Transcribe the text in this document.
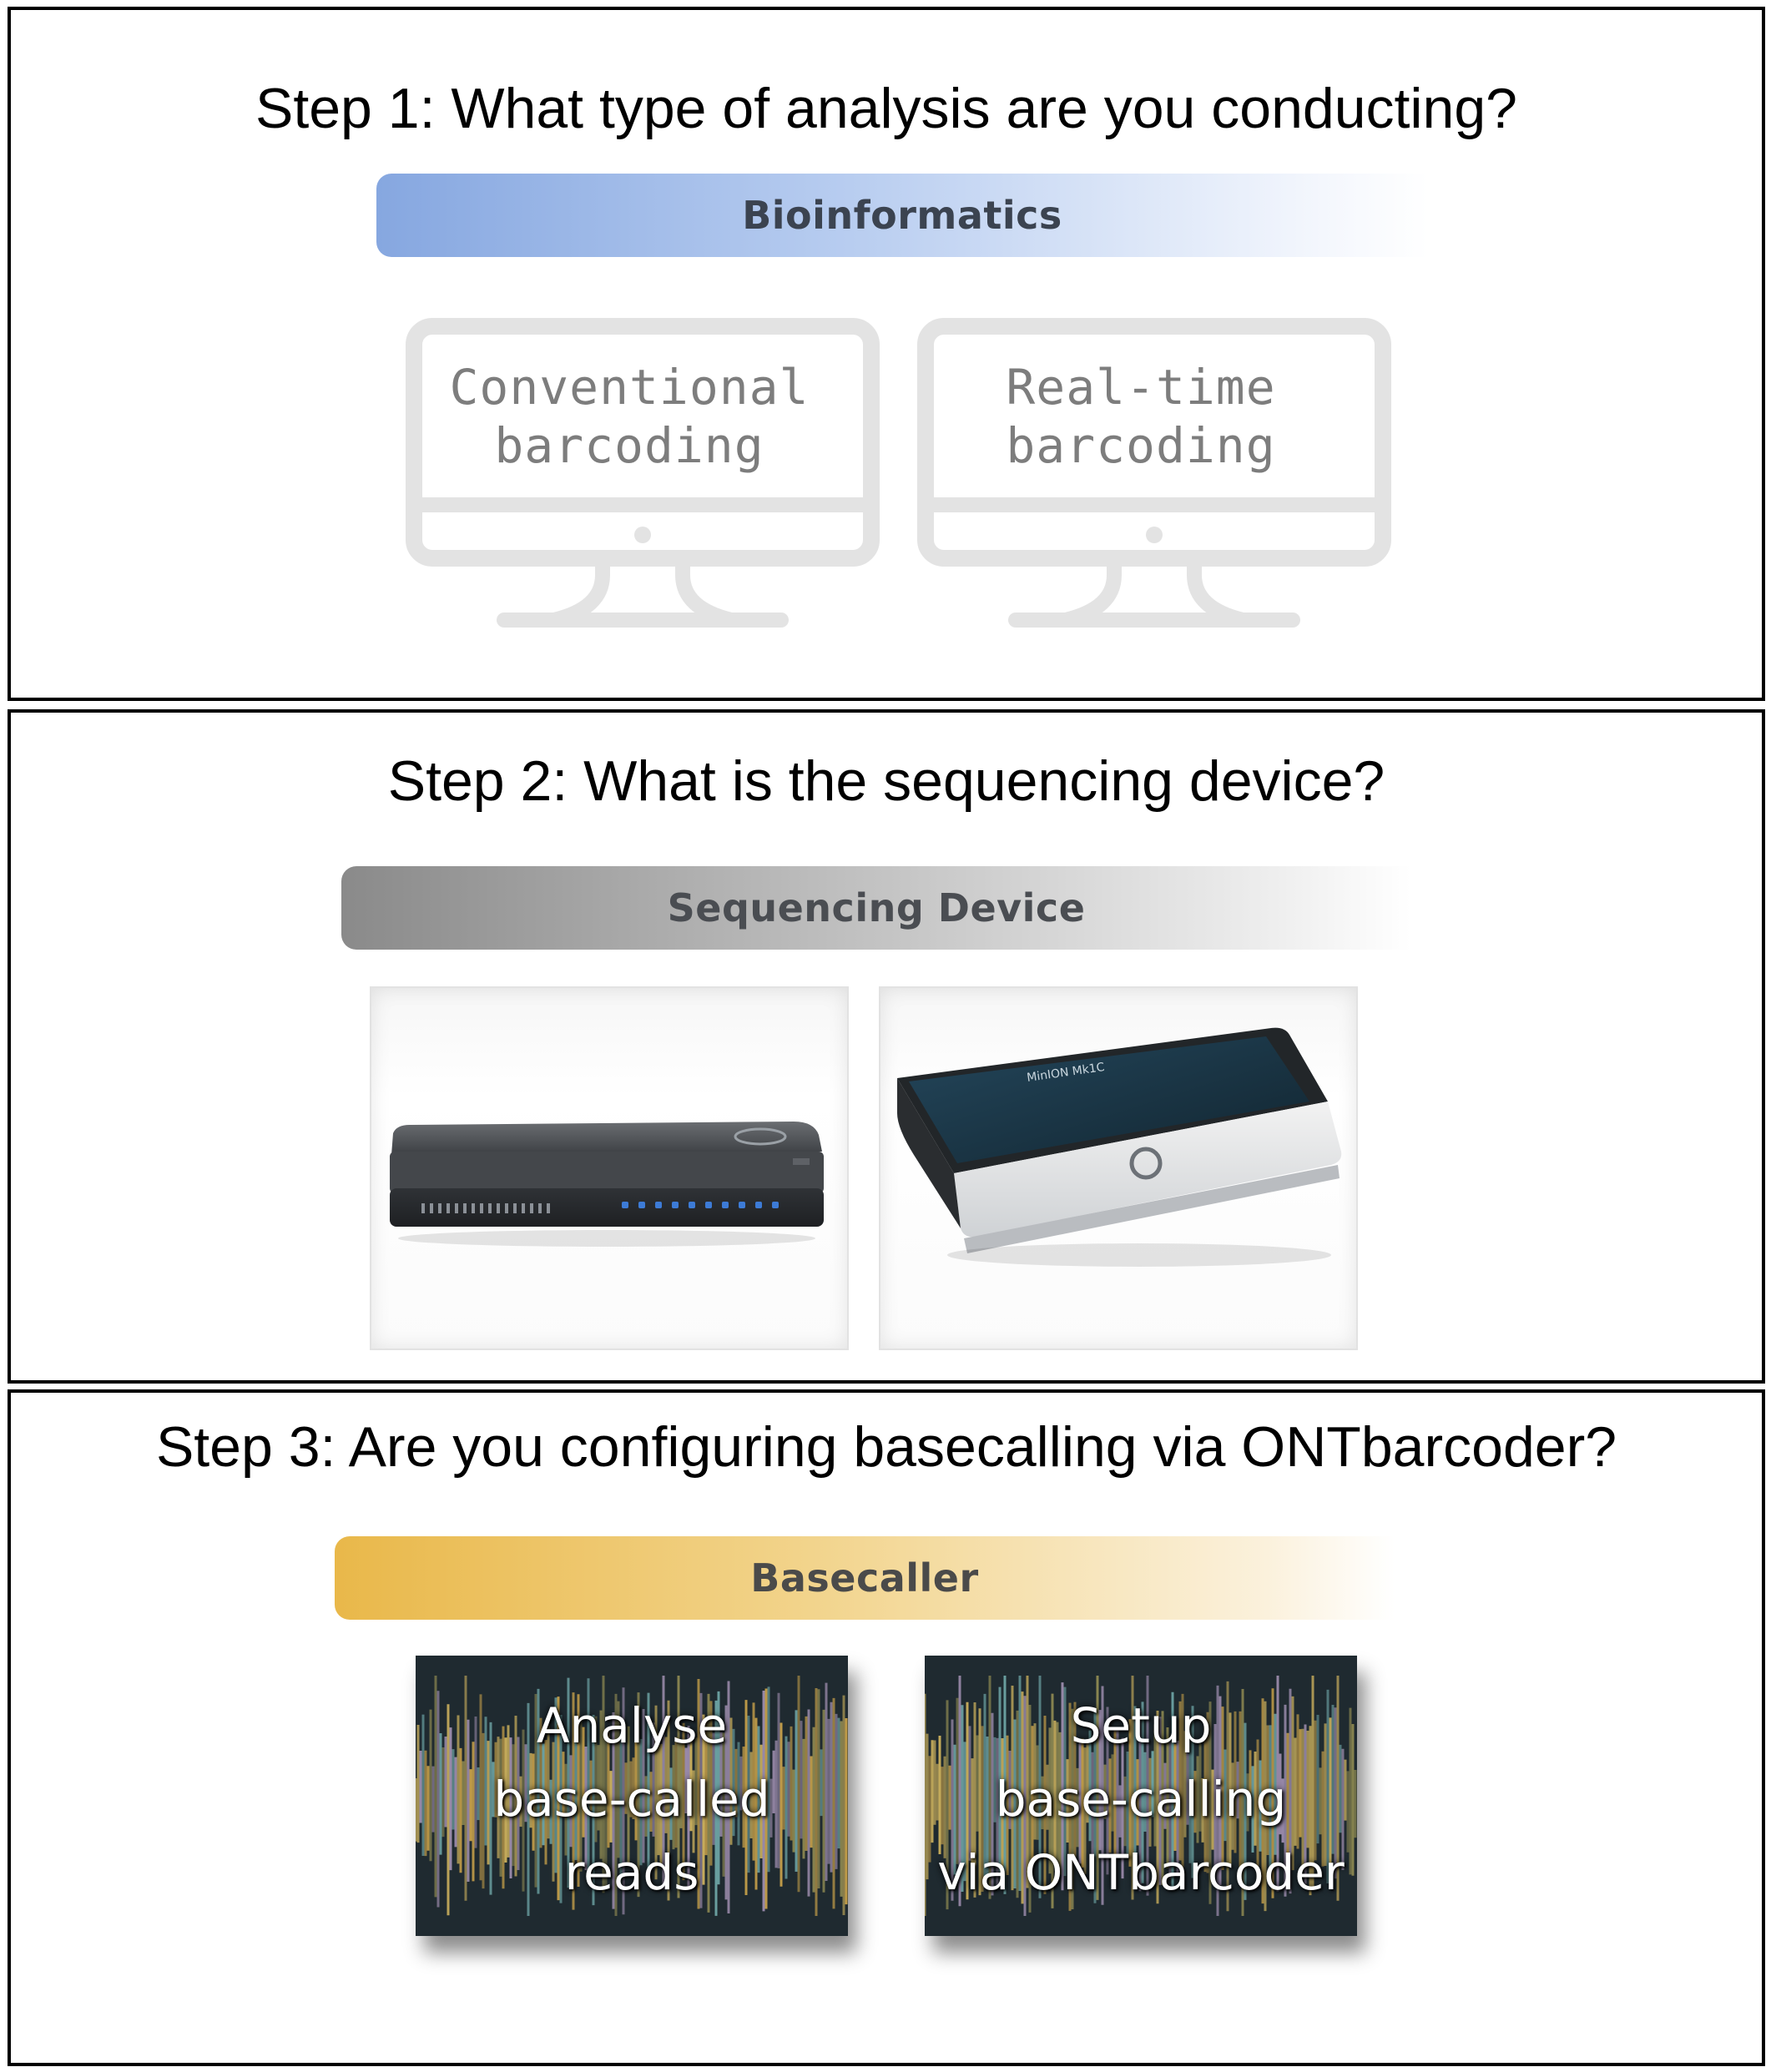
Step 1: What type of analysis are you conducting?
Bioinformatics
Conventional
barcoding
Real-time
barcoding
Step 2: What is the sequencing device?
Sequencing Device
MinION Mk1C
Step 3: Are you configuring basecalling via ONTbarcoder?
Basecaller
Analyse
base-called
reads
Setup
base-calling
via ONTbarcoder
